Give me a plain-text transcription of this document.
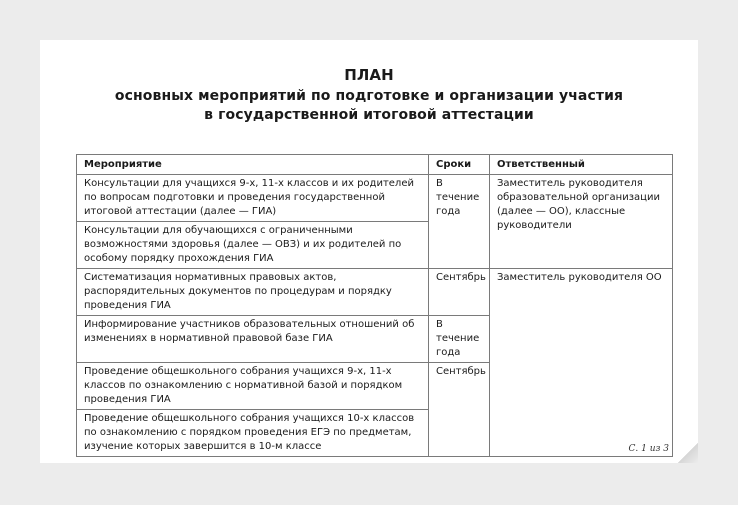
ПЛАН
основных мероприятий по подготовке и организации участия
в государственной итоговой аттестации
Мероприятие	Сроки	Ответственный
Консультации для учащихся 9-х, 11-х классов и их родителей по вопросам подготовки и проведения государственной итоговой аттестации (далее — ГИА)	В течение года	Заместитель руководителя образовательной организации (далее — ОО), классные руководители
Консультации для обучающихся с ограниченными возможностями здоровья (далее — ОВЗ) и их родителей по особому порядку прохождения ГИА		
Систематизация нормативных правовых актов, распорядительных документов по процедурам и порядку проведения ГИА	Сентябрь	Заместитель руководителя ОО
Информирование участников образовательных отношений об изменениях в нормативной правовой базе ГИА	В течение года	
Проведение общешкольного собрания учащихся 9-х, 11-х классов по ознакомлению с нормативной базой и порядком проведения ГИА	Сентябрь	
Проведение общешкольного собрания учащихся 10-х классов по ознакомлению с порядком проведения ЕГЭ по предметам, изучение которых завершится в 10-м классе			С. 1 из 3
